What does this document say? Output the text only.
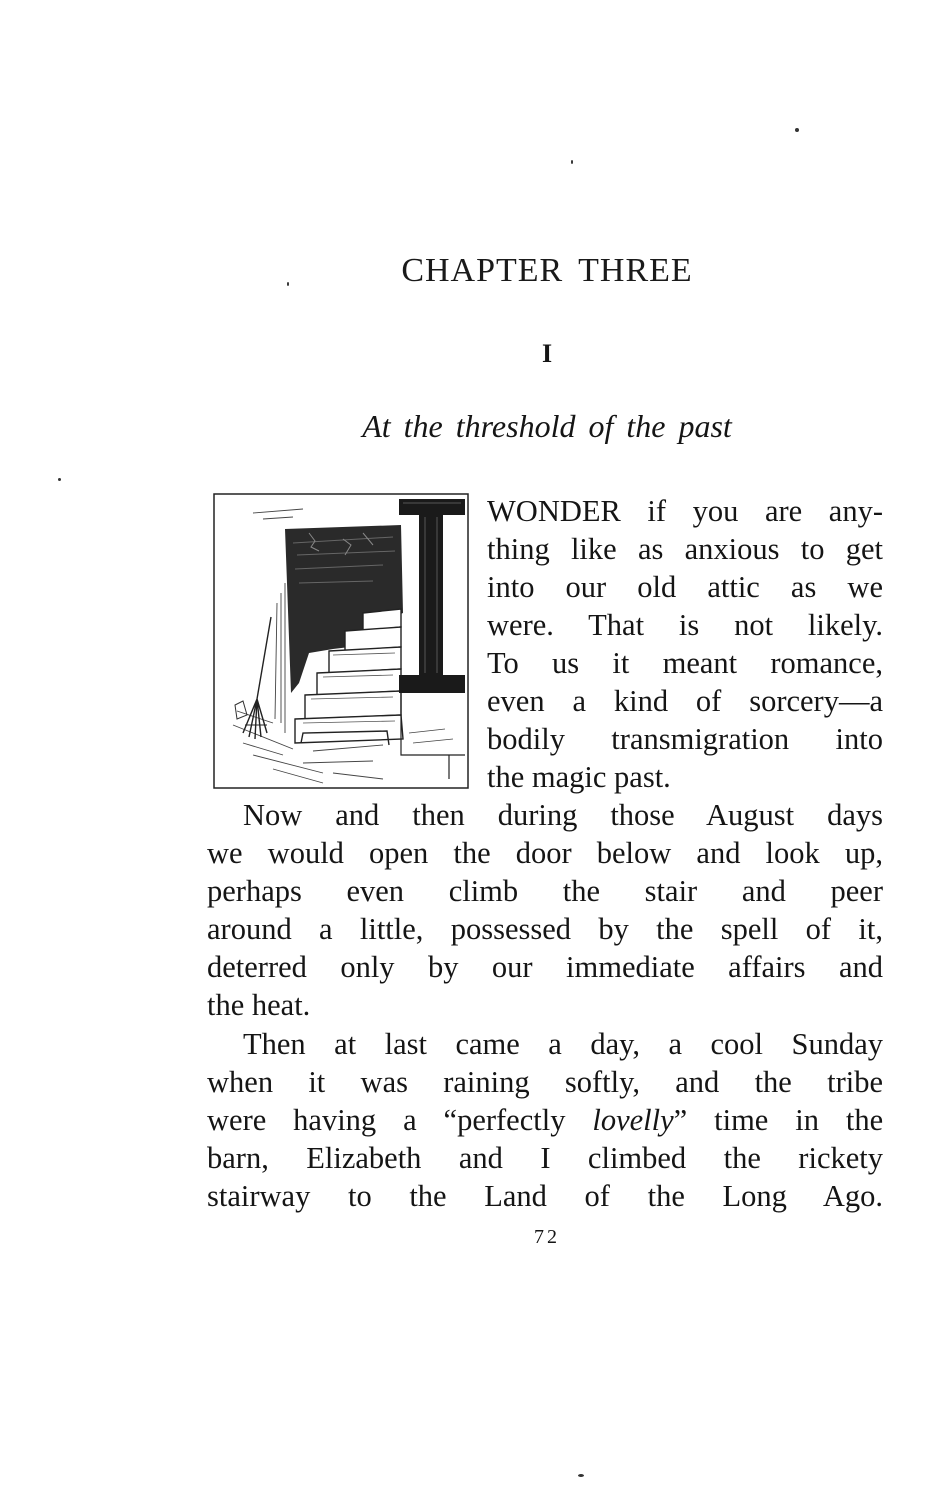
CHAPTER THREE
I
At the threshold of the past
WONDER if you are any-
thing like as anxious to get
into our old attic as we
were. That is not likely.
To us it meant romance,
even a kind of sorcery—a
bodily transmigration into
the magic past.
Now and then during those August days
we would open the door below and look up,
perhaps even climb the stair and peer
around a little, possessed by the spell of it,
deterred only by our immediate affairs and
the heat.
Then at last came a day, a cool Sunday
when it was raining softly, and the tribe
were having a “perfectly lovelly” time in the
barn, Elizabeth and I climbed the rickety
stairway to the Land of the Long Ago.
72
